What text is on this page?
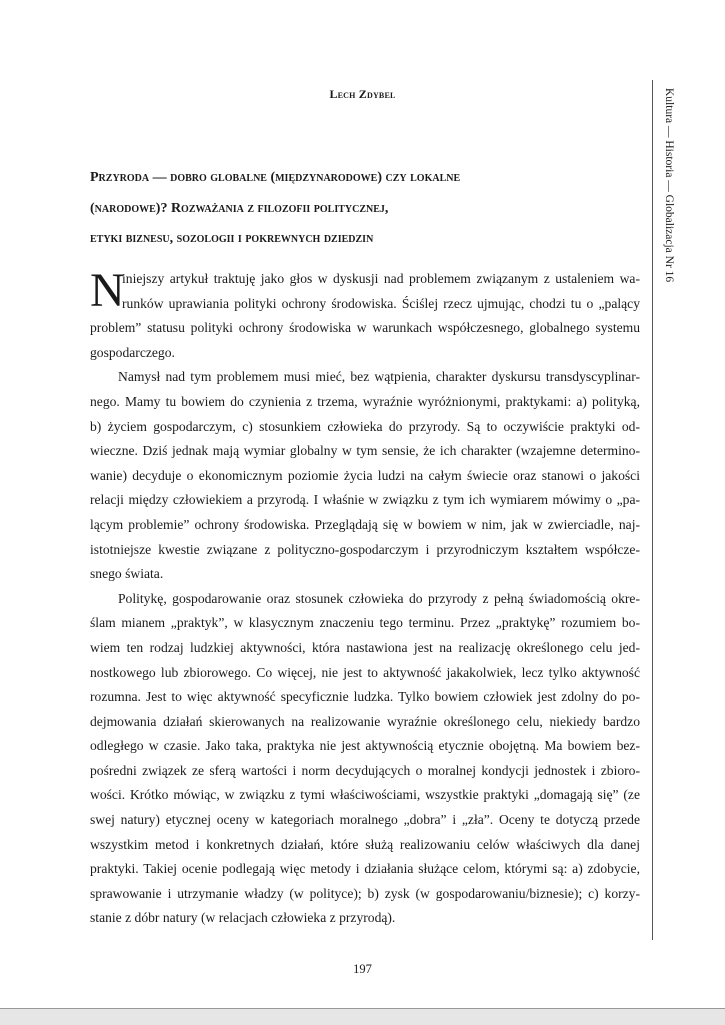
Lech Zdybel
Przyroda — dobro globalne (międzynarodowe) czy lokalne
(narodowe)? Rozważania z filozofii politycznej,
etyki biznesu, sozologii i pokrewnych dziedzin	Kultura — Historia — Globalizacja Nr 16
N
iniejszy artykuł traktuję jako głos w dyskusji nad problemem związanym z ustaleniem wa-
runków uprawiania polityki ochrony środowiska. Ściślej rzecz ujmując, chodzi tu o „palący
problem” statusu polityki ochrony środowiska w warunkach współczesnego, globalnego systemu
gospodarczego.
Namysł nad tym problemem musi mieć, bez wątpienia, charakter dyskursu transdyscyplinar-
nego. Mamy tu bowiem do czynienia z trzema, wyraźnie wyróżnionymi, praktykami: a) polityką,
b) życiem gospodarczym, c) stosunkiem człowieka do przyrody. Są to oczywiście praktyki od-
wieczne. Dziś jednak mają wymiar globalny w tym sensie, że ich charakter (wzajemne determino-
wanie) decyduje o ekonomicznym poziomie życia ludzi na całym świecie oraz stanowi o jakości
relacji między człowiekiem a przyrodą. I właśnie w związku z tym ich wymiarem mówimy o „pa-
lącym problemie” ochrony środowiska. Przeglądają się w bowiem w nim, jak w zwierciadle, naj-
istotniejsze kwestie związane z polityczno-gospodarczym i przyrodniczym kształtem współcze-
snego świata.
Politykę, gospodarowanie oraz stosunek człowieka do przyrody z pełną świadomością okre-
ślam mianem „praktyk”, w klasycznym znaczeniu tego terminu. Przez „praktykę” rozumiem bo-
wiem ten rodzaj ludzkiej aktywności, która nastawiona jest na realizację określonego celu jed-
nostkowego lub zbiorowego. Co więcej, nie jest to aktywność jakakolwiek, lecz tylko aktywność
rozumna. Jest to więc aktywność specyficznie ludzka. Tylko bowiem człowiek jest zdolny do po-
dejmowania działań skierowanych na realizowanie wyraźnie określonego celu, niekiedy bardzo
odległego w czasie. Jako taka, praktyka nie jest aktywnością etycznie obojętną. Ma bowiem bez-
pośredni związek ze sferą wartości i norm decydujących o moralnej kondycji jednostek i zbioro-
wości. Krótko mówiąc, w związku z tymi właściwościami, wszystkie praktyki „domagają się” (ze
swej natury) etycznej oceny w kategoriach moralnego „dobra” i „zła”. Oceny te dotyczą przede
wszystkim metod i konkretnych działań, które służą realizowaniu celów właściwych dla danej
praktyki. Takiej ocenie podlegają więc metody i działania służące celom, którymi są: a) zdobycie,
sprawowanie i utrzymanie władzy (w polityce); b) zysk (w gospodarowaniu/biznesie); c) korzy-
stanie z dóbr natury (w relacjach człowieka z przyrodą).
197
